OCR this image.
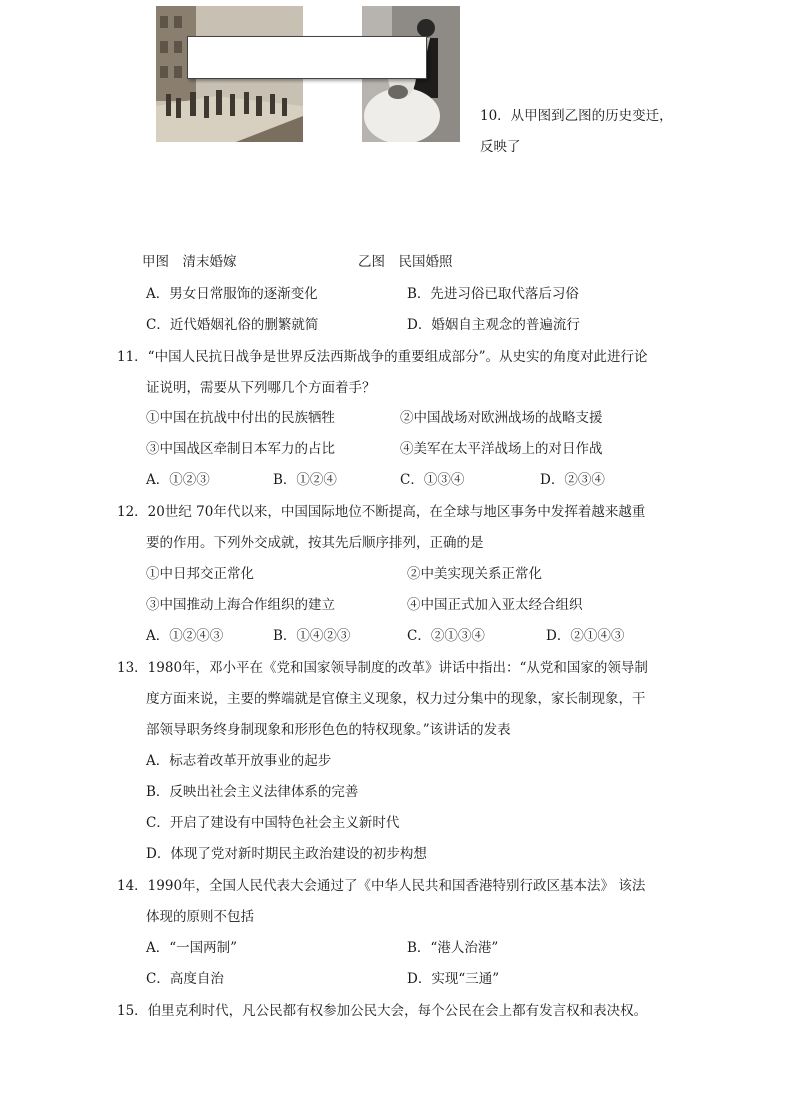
10．从甲图到乙图的历史变迁，
反映了
甲图　清末婚嫁	乙图　民国婚照
A．男女日常服饰的逐渐变化	B．先进习俗已取代落后习俗
C．近代婚姻礼俗的删繁就简	D．婚姻自主观念的普遍流行
11．“中国人民抗日战争是世界反法西斯战争的重要组成部分”。从史实的角度对此进行论
证说明，需要从下列哪几个方面着手？
①中国在抗战中付出的民族牺牲	②中国战场对欧洲战场的战略支援
③中国战区牵制日本军力的占比	④美军在太平洋战场上的对日作战
A．①②③	B．①②④	C．①③④	D．②③④
12．20世纪 70年代以来，中国国际地位不断提高，在全球与地区事务中发挥着越来越重
要的作用。下列外交成就，按其先后顺序排列，正确的是
①中日邦交正常化	②中美实现关系正常化
③中国推动上海合作组织的建立	④中国正式加入亚太经合组织
A．①②④③	B．①④②③	C．②①③④	D．②①④③
13．1980年，邓小平在《党和国家领导制度的改革》讲话中指出：“从党和国家的领导制
度方面来说，主要的弊端就是官僚主义现象，权力过分集中的现象，家长制现象，干
部领导职务终身制现象和形形色色的特权现象。”该讲话的发表
A．标志着改革开放事业的起步
B．反映出社会主义法律体系的完善
C．开启了建设有中国特色社会主义新时代
D．体现了党对新时期民主政治建设的初步构想
14．1990年，全国人民代表大会通过了《中华人民共和国香港特别行政区基本法》 该法
体现的原则不包括
A．“一国两制”	B．“港人治港”
C．高度自治	D．实现“三通”
15．伯里克利时代，凡公民都有权参加公民大会，每个公民在会上都有发言权和表决权。
